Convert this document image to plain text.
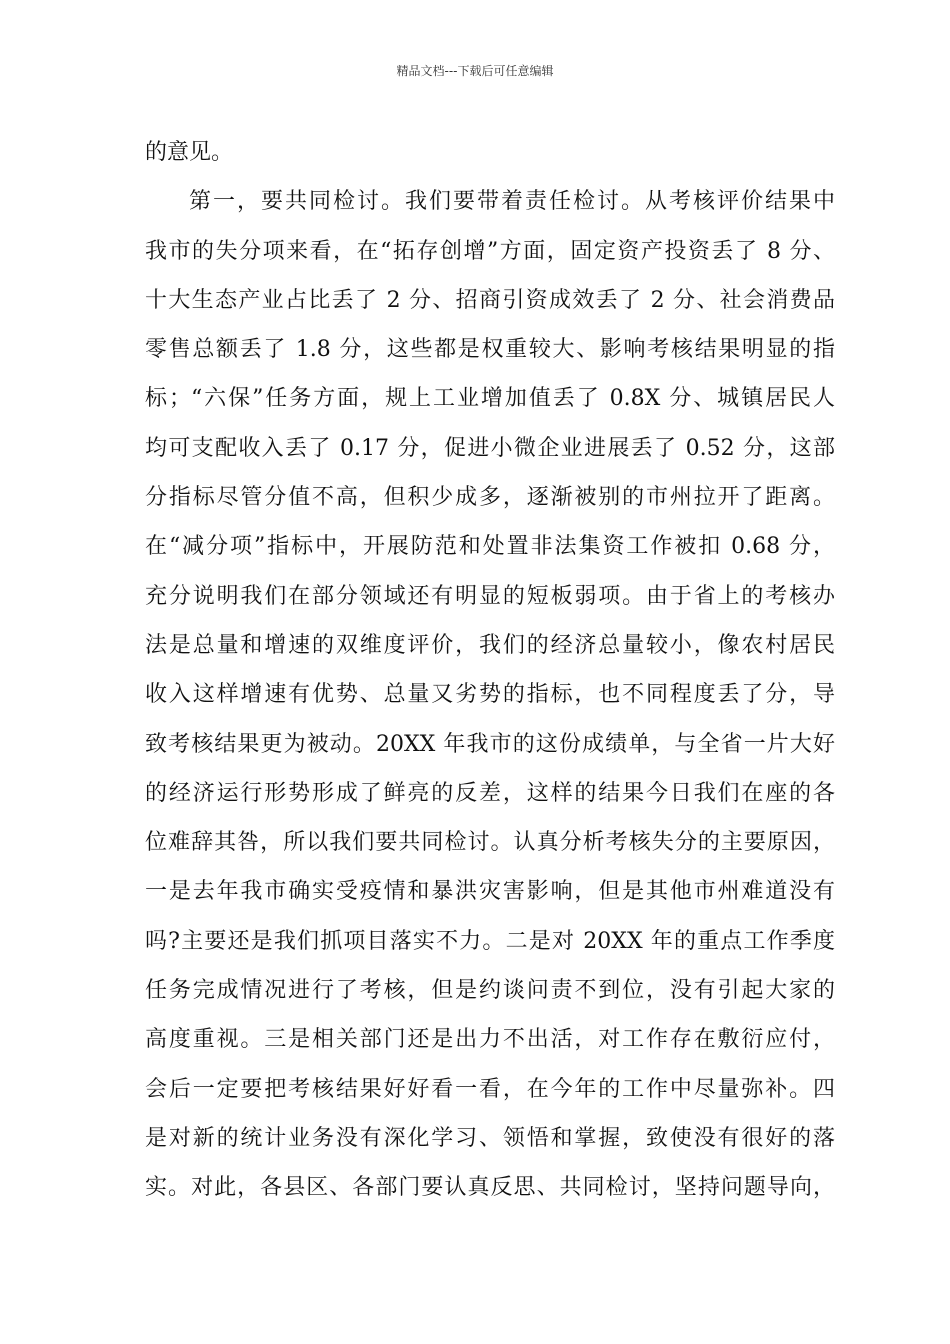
精品文档---下载后可任意编辑
的意见。
第一，要共同检讨。我们要带着责任检讨。从考核评价结果中
我市的失分项来看，在“拓存创增”方面，固定资产投资丢了 8 分、
十大生态产业占比丢了 2 分、招商引资成效丢了 2 分、社会消费品
零售总额丢了 1.8 分，这些都是权重较大、影响考核结果明显的指
标；“六保”任务方面，规上工业增加值丢了 0.8X 分、城镇居民人
均可支配收入丢了 0.17 分，促进小微企业进展丢了 0.52 分，这部
分指标尽管分值不高，但积少成多，逐渐被别的市州拉开了距离。
在“减分项”指标中，开展防范和处置非法集资工作被扣 0.68 分，
充分说明我们在部分领域还有明显的短板弱项。由于省上的考核办
法是总量和增速的双维度评价，我们的经济总量较小，像农村居民
收入这样增速有优势、总量又劣势的指标，也不同程度丢了分，导
致考核结果更为被动。20XX 年我市的这份成绩单，与全省一片大好
的经济运行形势形成了鲜亮的反差，这样的结果今日我们在座的各
位难辞其咎，所以我们要共同检讨。认真分析考核失分的主要原因，
一是去年我市确实受疫情和暴洪灾害影响，但是其他市州难道没有
吗?主要还是我们抓项目落实不力。二是对 20XX 年的重点工作季度
任务完成情况进行了考核，但是约谈问责不到位，没有引起大家的
高度重视。三是相关部门还是出力不出活，对工作存在敷衍应付，
会后一定要把考核结果好好看一看，在今年的工作中尽量弥补。四
是对新的统计业务没有深化学习、领悟和掌握，致使没有很好的落
实。对此，各县区、各部门要认真反思、共同检讨，坚持问题导向，
